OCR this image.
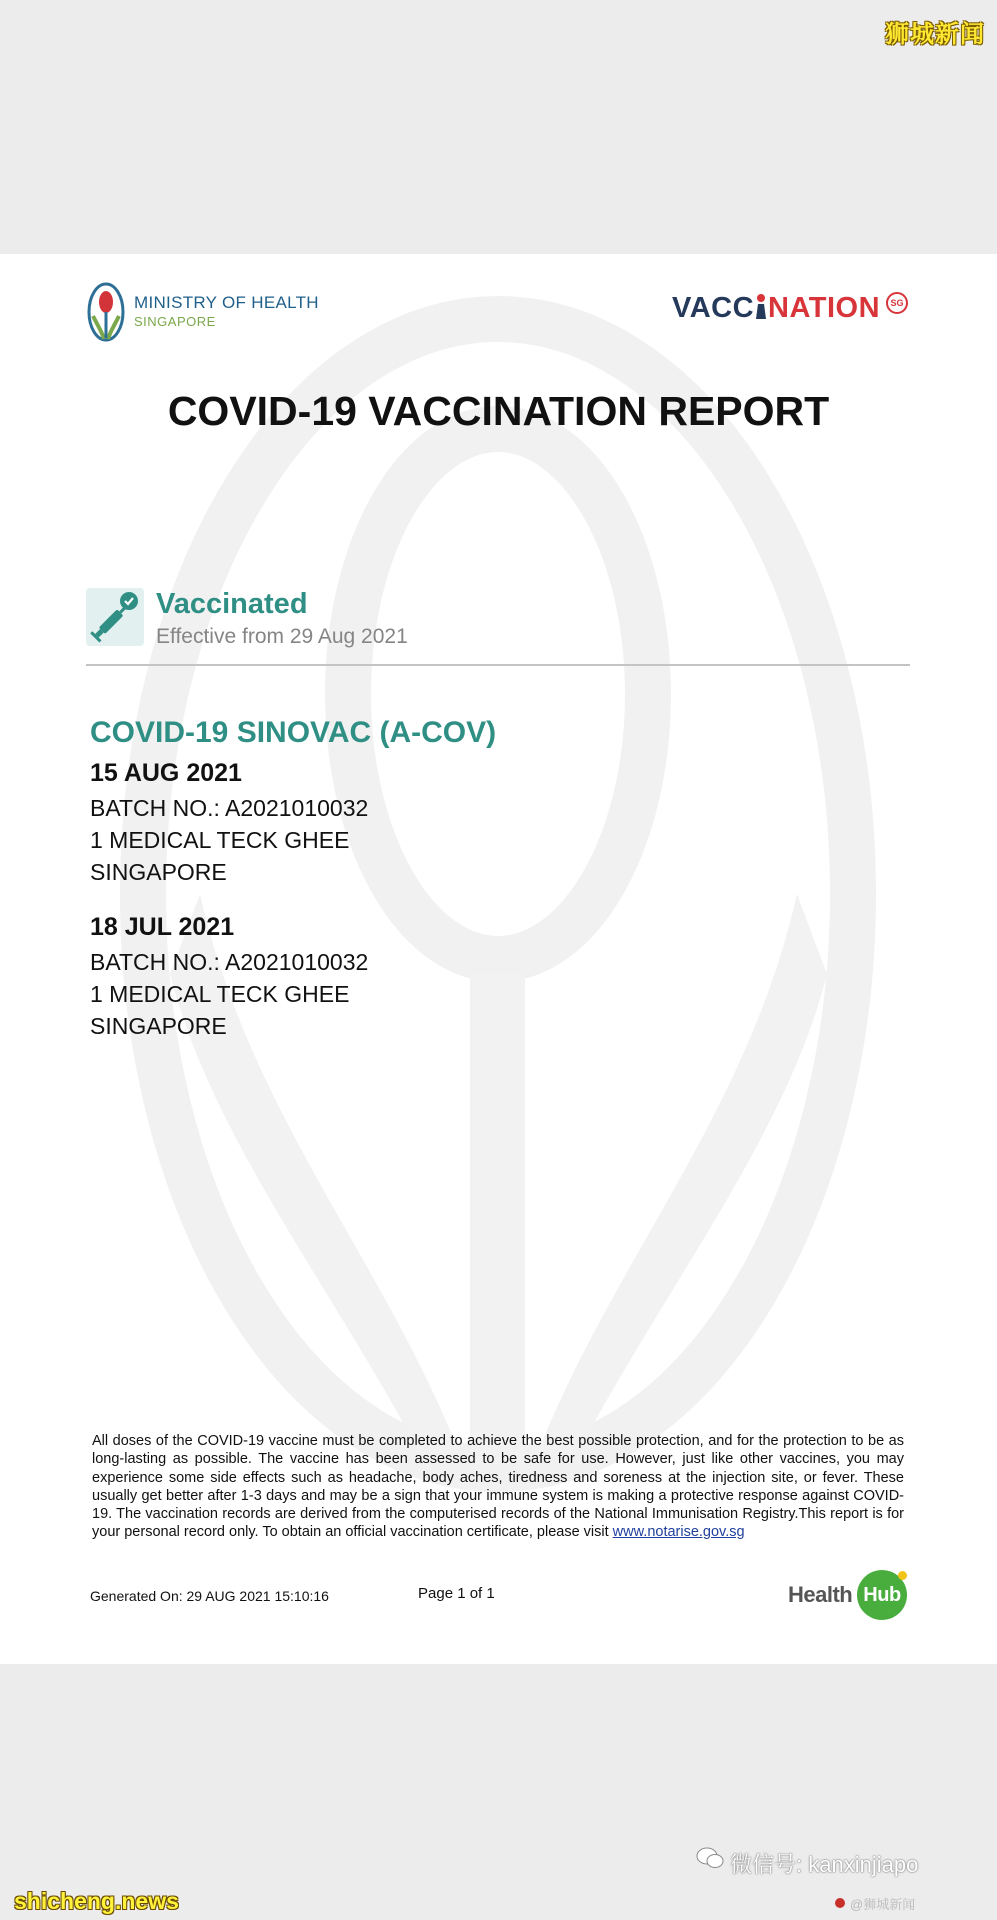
狮城新闻
MINISTRY OF HEALTH
SINGAPORE	VACC NATION	SG
COVID-19 VACCINATION REPORT
Vaccinated
Effective from 29 Aug 2021
COVID-19 SINOVAC (A-COV)
15 AUG 2021
BATCH NO.: A2021010032
1 MEDICAL TECK GHEE
SINGAPORE
18 JUL 2021
BATCH NO.: A2021010032
1 MEDICAL TECK GHEE
SINGAPORE
All doses of the COVID-19 vaccine must be completed to achieve the best possible protection, and for the protection to be as long-lasting as possible. The vaccine has been assessed to be safe for use. However, just like other vaccines, you may experience some side effects such as headache, body aches, tiredness and soreness at the injection site, or fever. These usually get better after 1-3 days and may be a sign that your immune system is making a protective response against COVID-19. The vaccination records are derived from the computerised records of the National Immunisation Registry.This report is for your personal record only. To obtain an official vaccination certificate, please visit www.notarise.gov.sg
Generated On: 29 AUG 2021 15:10:16	Page 1 of 1	Health Hub
微信号: kanxinjiapo
shicheng.news	@狮城新闻
